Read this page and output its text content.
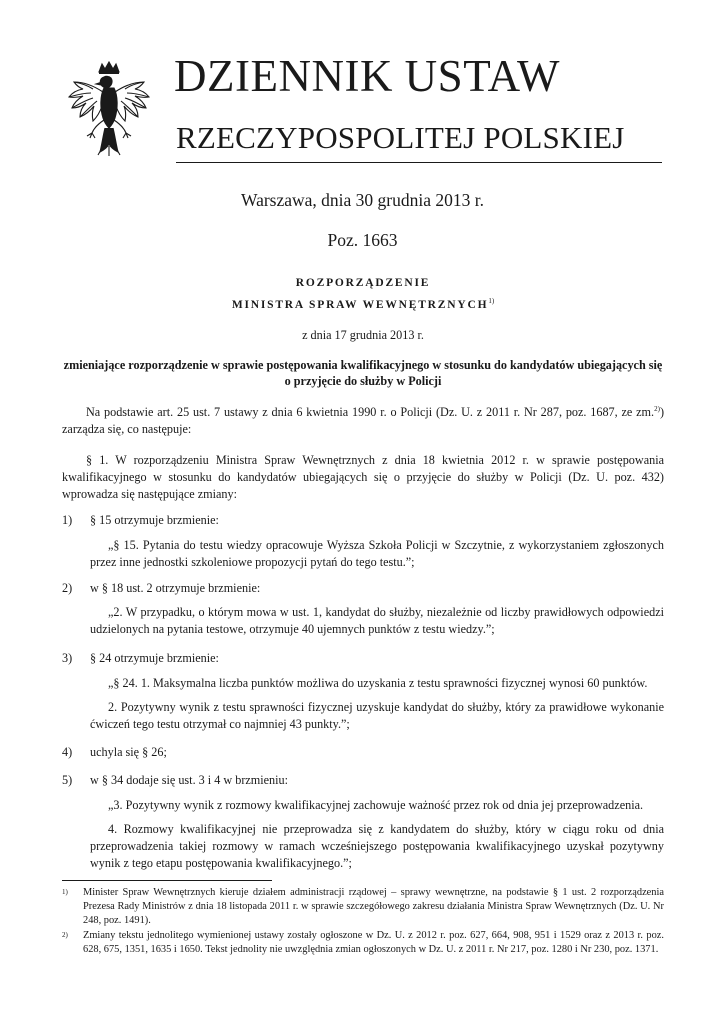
DZIENNIK USTAW
RZECZYPOSPOLITEJ POLSKIEJ
Warszawa, dnia 30 grudnia 2013 r.
Poz. 1663
ROZPORZĄDZENIE
MINISTRA SPRAW WEWNĘTRZNYCH$^{1)}$
z dnia 17 grudnia 2013 r.
zmieniające rozporządzenie w sprawie postępowania kwalifikacyjnego w stosunku do kandydatów ubiegających się o przyjęcie do służby w Policji
Na podstawie art. 25 ust. 7 ustawy z dnia 6 kwietnia 1990 r. o Policji (Dz. U. z 2011 r. Nr 287, poz. 1687, ze zm.$^{2)}$) zarządza się, co następuje:
§ 1. W rozporządzeniu Ministra Spraw Wewnętrznych z dnia 18 kwietnia 2012 r. w sprawie postępowania kwalifikacyjnego w stosunku do kandydatów ubiegających się o przyjęcie do służby w Policji (Dz. U. poz. 432) wprowadza się następujące zmiany:
1) § 15 otrzymuje brzmienie:
„§ 15. Pytania do testu wiedzy opracowuje Wyższa Szkoła Policji w Szczytnie, z wykorzystaniem zgłoszonych przez inne jednostki szkoleniowe propozycji pytań do tego testu.”;
2) w § 18 ust. 2 otrzymuje brzmienie:
„2. W przypadku, o którym mowa w ust. 1, kandydat do służby, niezależnie od liczby prawidłowych odpowiedzi udzielonych na pytania testowe, otrzymuje 40 ujemnych punktów z testu wiedzy.”;
3) § 24 otrzymuje brzmienie:
„§ 24. 1. Maksymalna liczba punktów możliwa do uzyskania z testu sprawności fizycznej wynosi 60 punktów.
2. Pozytywny wynik z testu sprawności fizycznej uzyskuje kandydat do służby, który za prawidłowe wykonanie ćwiczeń tego testu otrzymał co najmniej 43 punkty.”;
4) uchyla się § 26;
5) w § 34 dodaje się ust. 3 i 4 w brzmieniu:
„3. Pozytywny wynik z rozmowy kwalifikacyjnej zachowuje ważność przez rok od dnia jej przeprowadzenia.
4. Rozmowy kwalifikacyjnej nie przeprowadza się z kandydatem do służby, który w ciągu roku od dnia przeprowadzenia takiej rozmowy w ramach wcześniejszego postępowania kwalifikacyjnego uzyskał pozytywny wynik z tego etapu postępowania kwalifikacyjnego.”;
1) Minister Spraw Wewnętrznych kieruje działem administracji rządowej – sprawy wewnętrzne, na podstawie § 1 ust. 2 rozporządzenia Prezesa Rady Ministrów z dnia 18 listopada 2011 r. w sprawie szczegółowego zakresu działania Ministra Spraw Wewnętrznych (Dz. U. Nr 248, poz. 1491).
2) Zmiany tekstu jednolitego wymienionej ustawy zostały ogłoszone w Dz. U. z 2012 r. poz. 627, 664, 908, 951 i 1529 oraz z 2013 r. poz. 628, 675, 1351, 1635 i 1650. Tekst jednolity nie uwzględnia zmian ogłoszonych w Dz. U. z 2011 r. Nr 217, poz. 1280 i Nr 230, poz. 1371.
